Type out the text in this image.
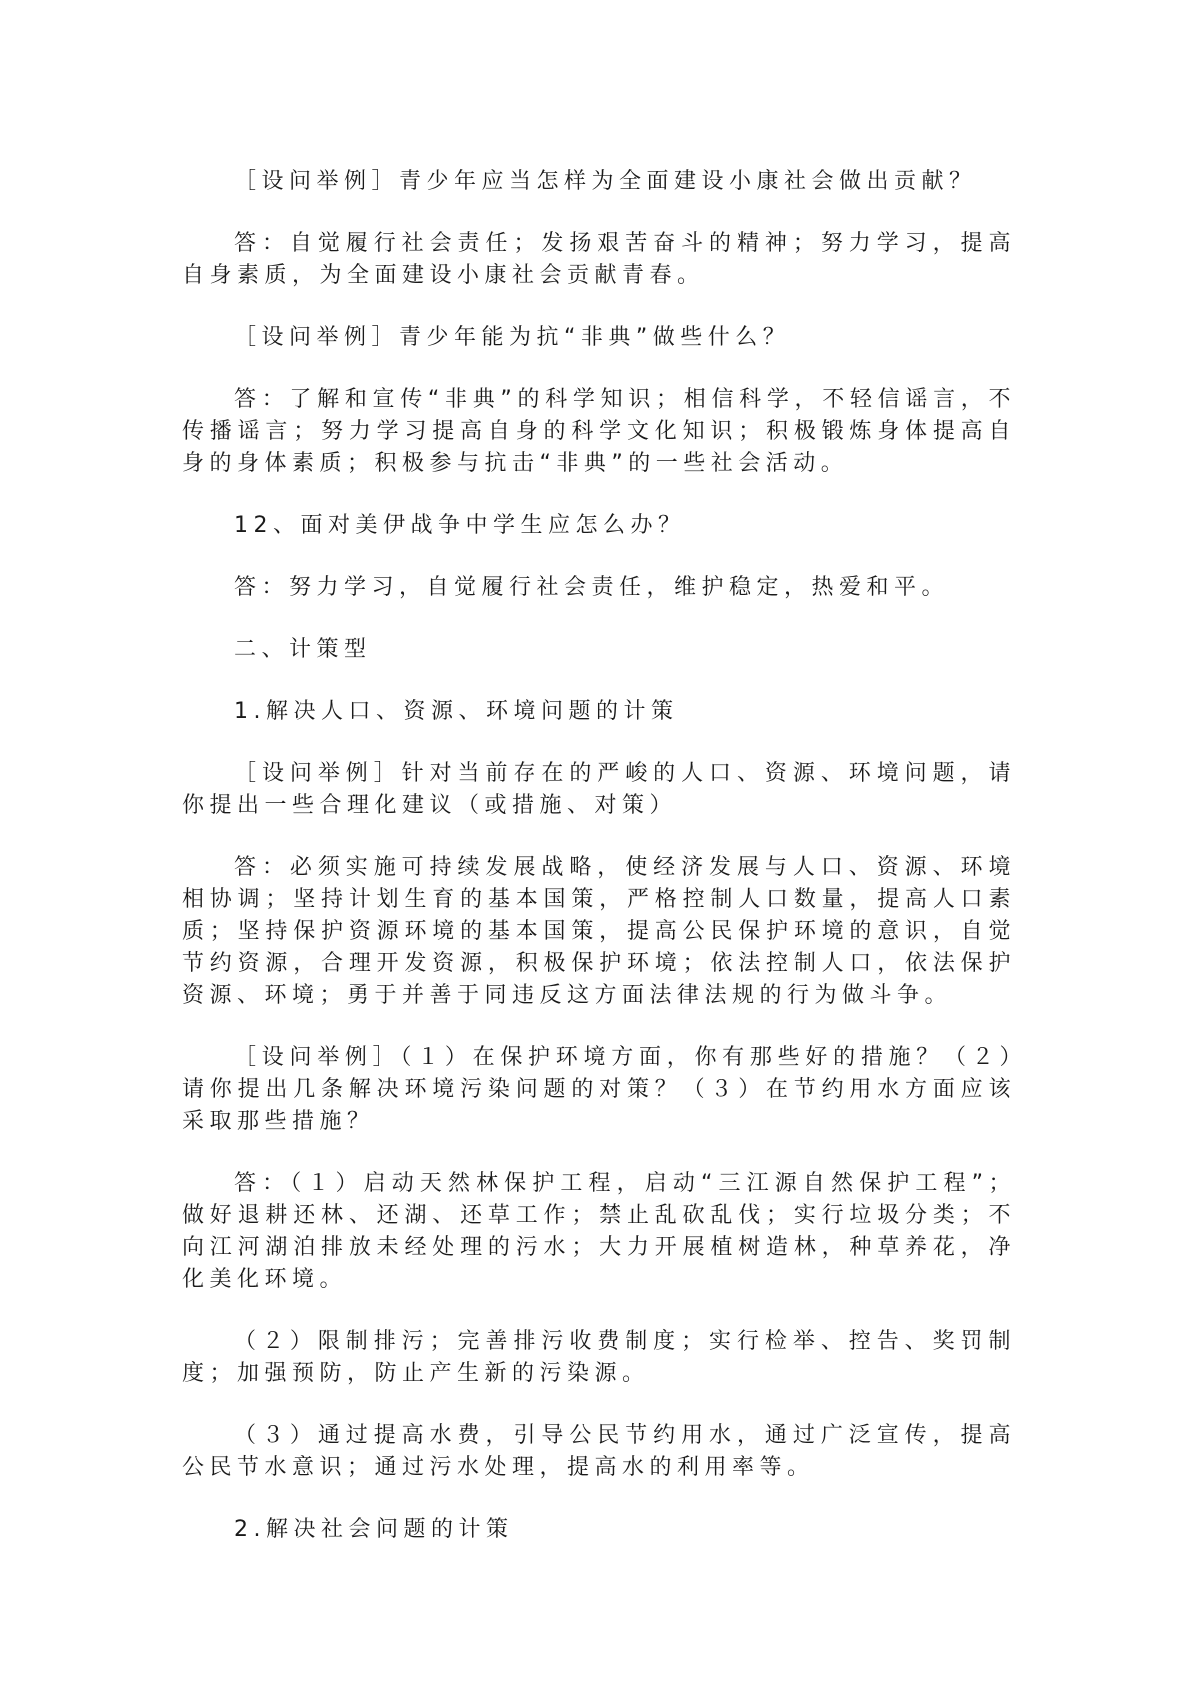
［设问举例］青少年应当怎样为全面建设小康社会做出贡献？

答：自觉履行社会责任；发扬艰苦奋斗的精神；努力学习，提高自身素质，为全面建设小康社会贡献青春。

［设问举例］青少年能为抗“非典”做些什么？

答：了解和宣传“非典”的科学知识；相信科学，不轻信谣言，不传播谣言；努力学习提高自身的科学文化知识；积极锻炼身体提高自身的身体素质；积极参与抗击“非典”的一些社会活动。

12、面对美伊战争中学生应怎么办？

答：努力学习，自觉履行社会责任，维护稳定，热爱和平。

二、计策型

1.解决人口、资源、环境问题的计策

［设问举例］针对当前存在的严峻的人口、资源、环境问题，请你提出一些合理化建议（或措施、对策）

答：必须实施可持续发展战略，使经济发展与人口、资源、环境相协调；坚持计划生育的基本国策，严格控制人口数量，提高人口素质；坚持保护资源环境的基本国策，提高公民保护环境的意识，自觉节约资源，合理开发资源，积极保护环境；依法控制人口，依法保护资源、环境；勇于并善于同违反这方面法律法规的行为做斗争。

［设问举例］（１）在保护环境方面，你有那些好的措施？（２）请你提出几条解决环境污染问题的对策？（３）在节约用水方面应该采取那些措施？

答：（１）启动天然林保护工程，启动“三江源自然保护工程”；做好退耕还林、还湖、还草工作；禁止乱砍乱伐；实行垃圾分类；不向江河湖泊排放未经处理的污水；大力开展植树造林，种草养花，净化美化环境。

（２）限制排污；完善排污收费制度；实行检举、控告、奖罚制度；加强预防，防止产生新的污染源。

（３）通过提高水费，引导公民节约用水，通过广泛宣传，提高公民节水意识；通过污水处理，提高水的利用率等。

2.解决社会问题的计策
